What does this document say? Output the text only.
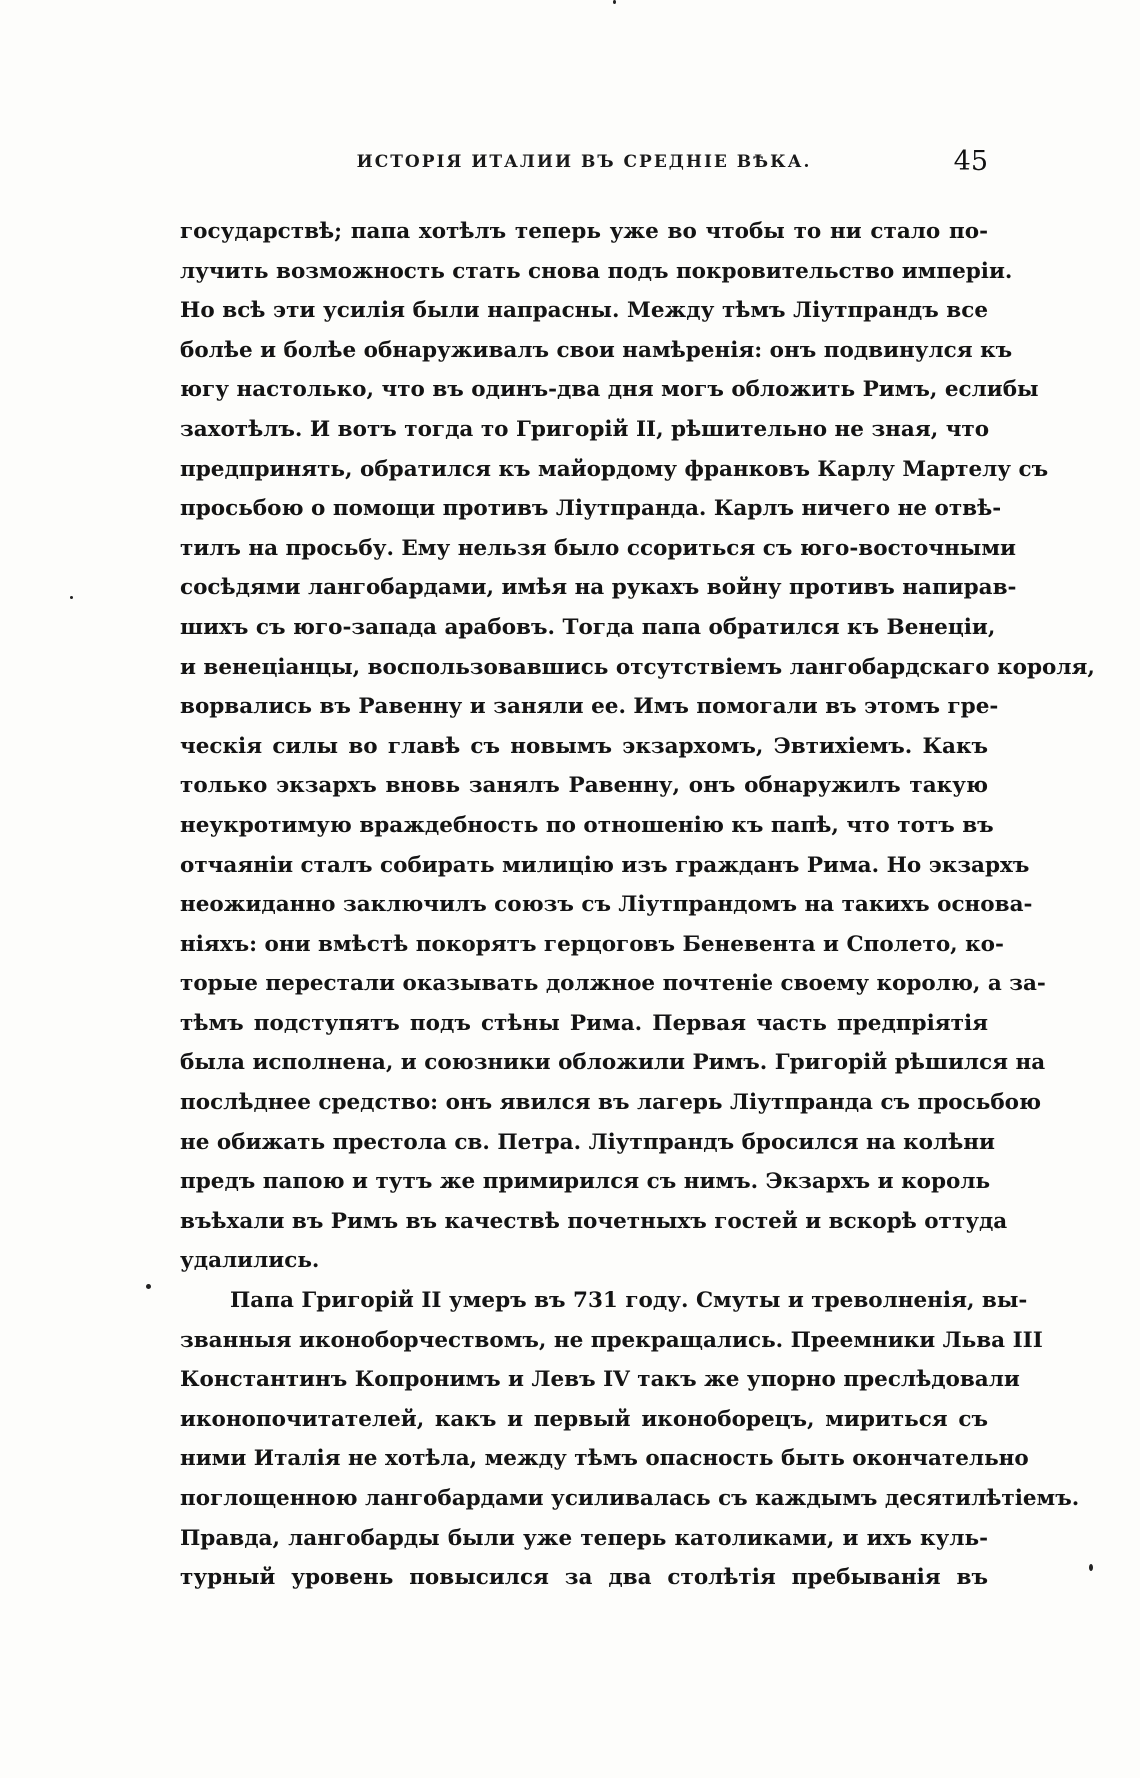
ИСТОРІЯ ИТАЛИИ ВЪ СРЕДНІЕ ВѢКА.	45
государствѣ; папа хотѣлъ теперь уже во чтобы то ни стало по-
лучить возможность стать снова подъ покровительство имперіи.
Но всѣ эти усилія были напрасны. Между тѣмъ Ліутпрандъ все
болѣе и болѣе обнаруживалъ свои намѣренія: онъ подвинулся къ
югу настолько, что въ одинъ-два дня могъ обложить Римъ, еслибы
захотѣлъ. И вотъ тогда то Григорій II, рѣшительно не зная, что
предпринять, обратился къ майордому франковъ Карлу Мартелу съ
просьбою о помощи противъ Ліутпранда. Карлъ ничего не отвѣ-
тилъ на просьбу. Ему нельзя было ссориться съ юго-восточными
сосѣдями лангобардами, имѣя на рукахъ войну противъ напирав-
шихъ съ юго-запада арабовъ. Тогда папа обратился къ Венеціи,
и венеціанцы, воспользовавшись отсутствіемъ лангобардскаго короля,
ворвались въ Равенну и заняли ее. Имъ помогали въ этомъ гре-
ческія силы во главѣ съ новымъ экзархомъ, Эвтихіемъ. Какъ
только экзархъ вновь занялъ Равенну, онъ обнаружилъ такую
неукротимую враждебность по отношенію къ папѣ, что тотъ въ
отчаяніи сталъ собирать милицію изъ гражданъ Рима. Но экзархъ
неожиданно заключилъ союзъ съ Ліутпрандомъ на такихъ основа-
ніяхъ: они вмѣстѣ покорятъ герцоговъ Беневента и Сполето, ко-
торые перестали оказывать должное почтеніе своему королю, а за-
тѣмъ подступятъ подъ стѣны Рима. Первая часть предпріятія
была исполнена, и союзники обложили Римъ. Григорій рѣшился на
послѣднее средство: онъ явился въ лагерь Ліутпранда съ просьбою
не обижать престола св. Петра. Ліутпрандъ бросился на колѣни
предъ папою и тутъ же примирился съ нимъ. Экзархъ и король
въѣхали въ Римъ въ качествѣ почетныхъ гостей и вскорѣ оттуда
удалились.
Папа Григорій II умеръ въ 731 году. Смуты и треволненія, вы-
званныя иконоборчествомъ, не прекращались. Преемники Льва III
Константинъ Копронимъ и Левъ IV такъ же упорно преслѣдовали
иконопочитателей, какъ и первый иконоборецъ, мириться съ
ними Италія не хотѣла, между тѣмъ опасность быть окончательно
поглощенною лангобардами усиливалась съ каждымъ десятилѣтіемъ.
Правда, лангобарды были уже теперь католиками, и ихъ куль-
турный уровень повысился за два столѣтія пребыванія въ
